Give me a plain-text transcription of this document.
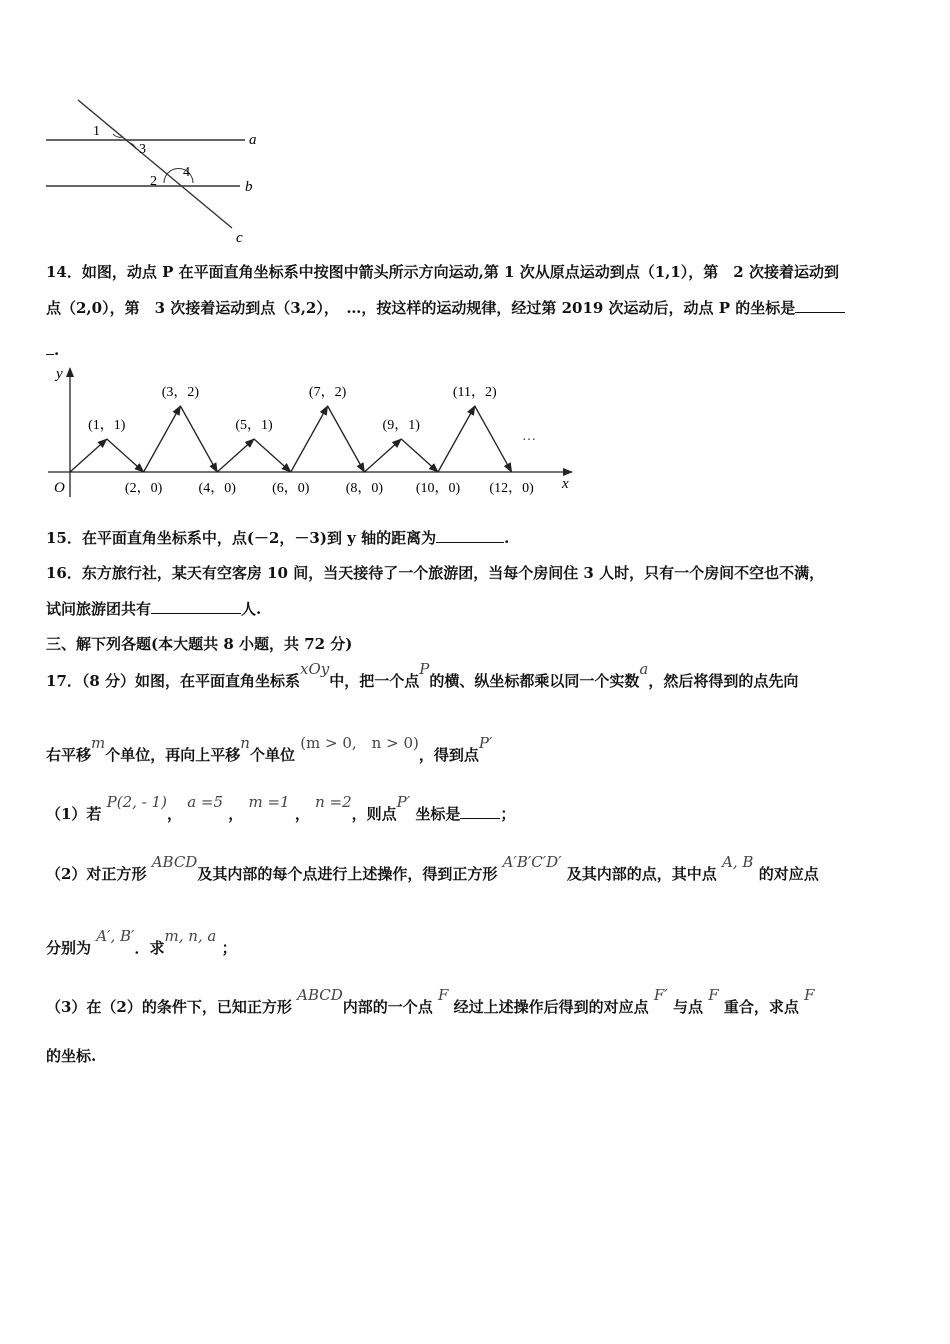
1
3
2
4
a
b
c
14．如图，动点 P 在平面直角坐标系中按图中箭头所示方向运动,第 1 次从原点运动到点（1,1），第　2 次接着运动到
点（2,0），第　3 次接着运动到点（3,2），　…，按这样的运动规律，经过第 2019 次运动后，动点 P 的坐标是
.
y
x
O
···
(1，1)
(3，2)
(5，1)
(7，2)
(9，1)
(11，2)
(2，0)	(4，0)	(6，0)	(8，0) (10，0) (12，0)
15．在平面直角坐标系中，点(－2，－3)到 y 轴的距离为	.
16．东方旅行社，某天有空客房 10 间，当天接待了一个旅游团，当每个房间住 3 人时，只有一个房间不空也不满，
试问旅游团共有	人.
三、解下列各题(本大题共 8 小题，共 72 分)
17．（8 分）如图，在平面直角坐标系xOy中，把一个点P的横、纵坐标都乘以同一个实数a，然后将得到的点先向
右平移m个单位，再向上平移n个单位 (m > 0,　n > 0)，得到点P′
（1）若 P(2, - 1)， a =5 ， m =1 ， n =2，则点P′ 坐标是	；
（2）对正方形 ABCD及其内部的每个点进行上述操作，得到正方形 A′B′C′D′ 及其内部的点，其中点 A, B 的对应点
分别为 A′, B′．求m, n, a ；
（3）在（2）的条件下，已知正方形 ABCD内部的一个点 F 经过上述操作后得到的对应点 F′ 与点 F 重合，求点 F
的坐标.
